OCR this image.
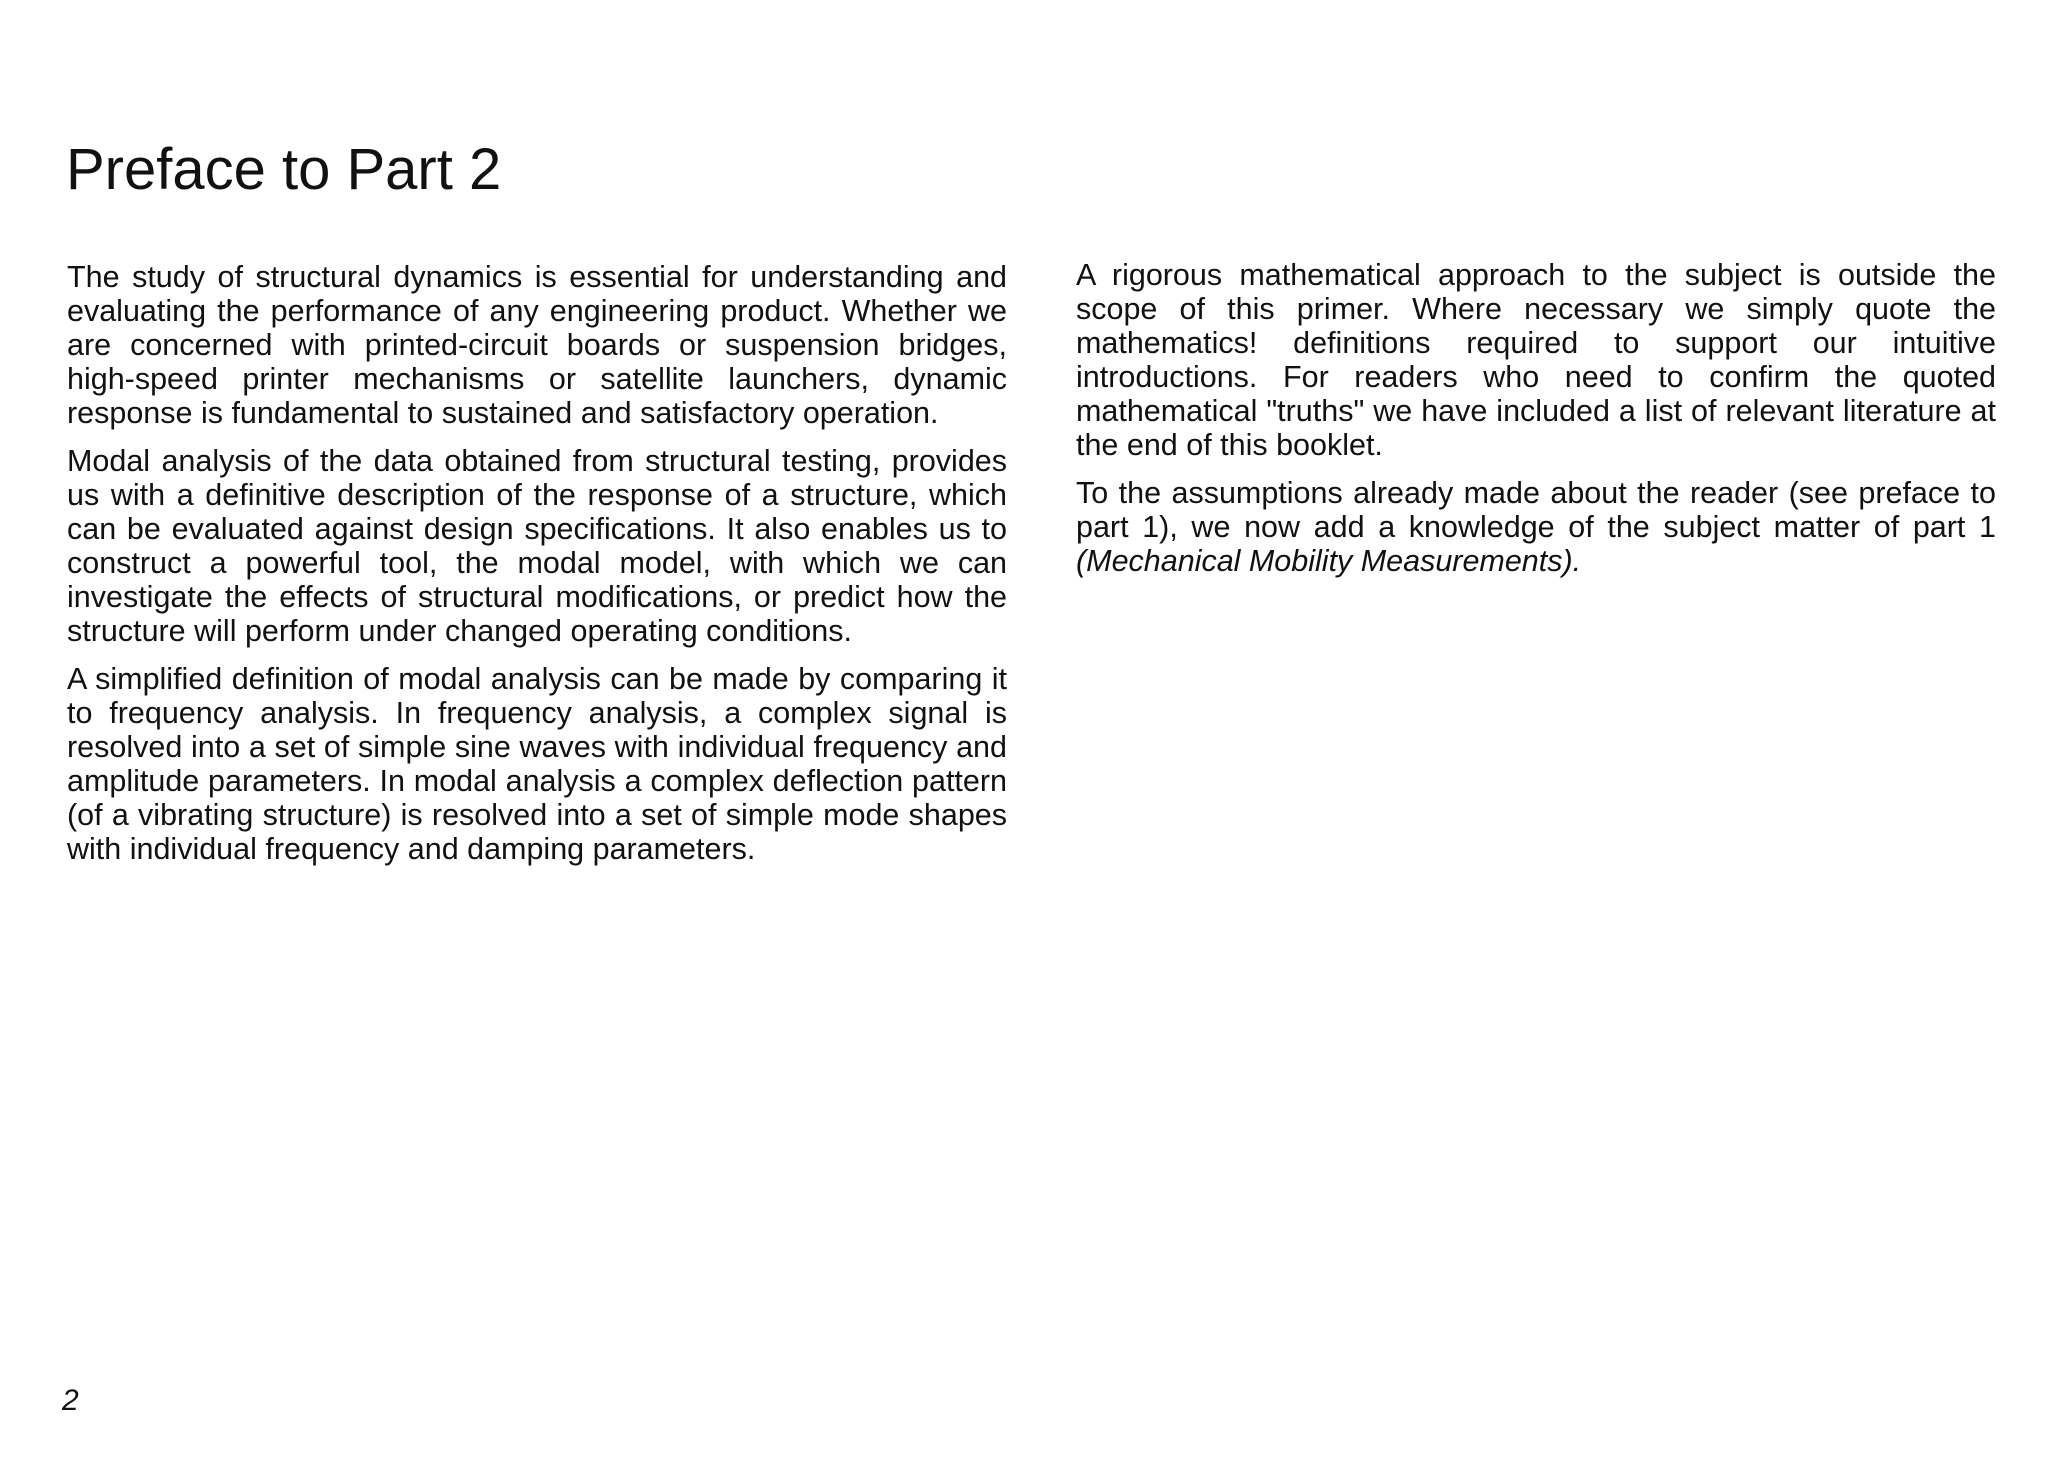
Preface to Part 2

The study of structural dynamics is essential for understanding and evaluating the performance of any engineering product. Whether we are concerned with printed-circuit boards or suspension bridges, high-speed printer mechanisms or satellite launchers, dynamic response is fundamental to sustained and satisfactory operation.

Modal analysis of the data obtained from structural testing, provides us with a definitive description of the response of a structure, which can be evaluated against design specifications. It also enables us to construct a powerful tool, the modal model, with which we can investigate the effects of structural modifications, or predict how the structure will perform under changed operating conditions.

A simplified definition of modal analysis can be made by comparing it to frequency analysis. In frequency analysis, a complex signal is resolved into a set of simple sine waves with individual frequency and amplitude parameters. In modal analysis a complex deflection pattern (of a vibrating structure) is resolved into a set of simple mode shapes with individual frequency and damping parameters.

A rigorous mathematical approach to the subject is outside the scope of this primer. Where necessary we simply quote the mathematics! definitions required to support our intuitive introductions. For readers who need to confirm the quoted mathematical "truths" we have included a list of relevant literature at the end of this booklet.

To the assumptions already made about the reader (see preface to part 1), we now add a knowledge of the subject matter of part 1 (Mechanical Mobility Measurements).

2
